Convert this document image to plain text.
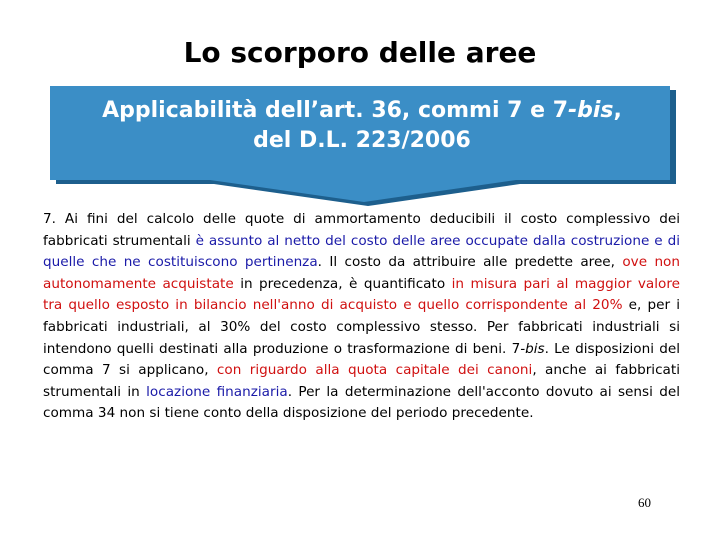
Lo scorporo delle aree
Applicabilità dell’art. 36, commi 7 e 7-bis,
del D.L. 223/2006
7. Ai fini del calcolo delle quote di ammortamento deducibili il costo complessivo dei fabbricati strumentali è assunto al netto del costo delle aree occupate dalla costruzione e di quelle che ne costituiscono pertinenza. Il costo da attribuire alle predette aree, ove non autonomamente acquistate in precedenza, è quantificato in misura pari al maggior valore tra quello esposto in bilancio nell'anno di acquisto e quello corrispondente al 20% e, per i fabbricati industriali, al 30% del costo complessivo stesso. Per fabbricati industriali si intendono quelli destinati alla produzione o trasformazione di beni. 7-bis. Le disposizioni del comma 7 si applicano, con riguardo alla quota capitale dei canoni, anche ai fabbricati strumentali in locazione finanziaria. Per la determinazione dell'acconto dovuto ai sensi del comma 34 non si tiene conto della disposizione del periodo precedente.
60
